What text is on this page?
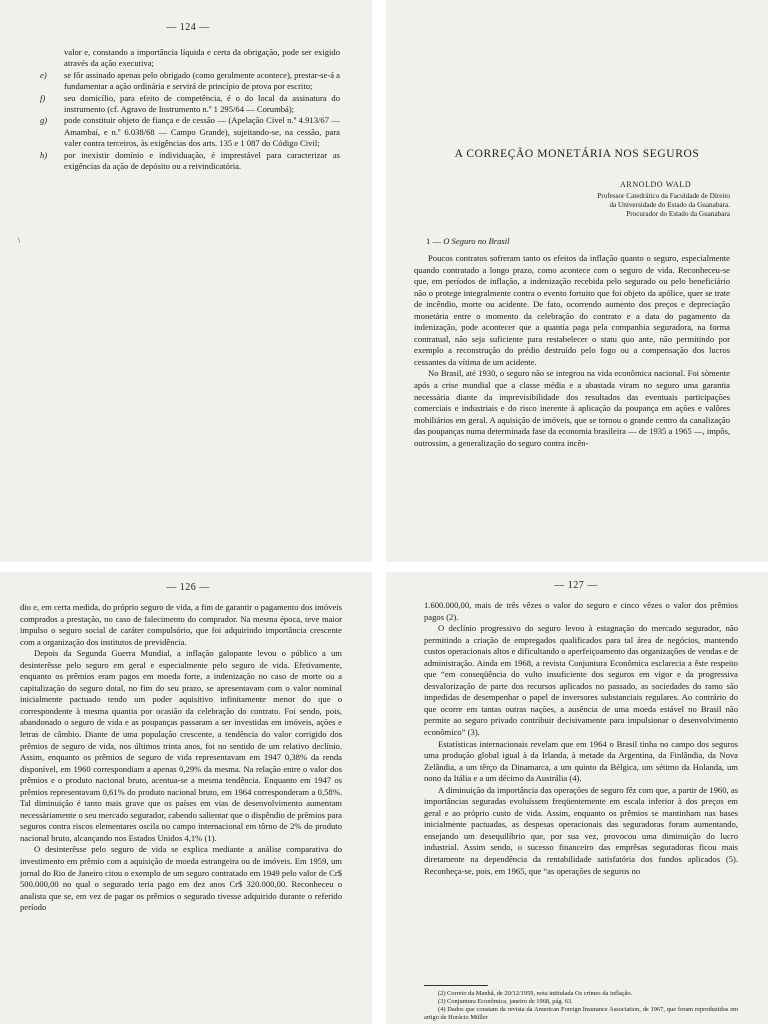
— 124 —
valor e, constando a importância líquida e certa da obrigação, pode ser exigido através da ação executiva;
e)	se fôr assinado apenas pelo obrigado (como geralmente acontece), prestar-se-á a fundamentar a ação ordinária e servirá de princípio de prova por escrito;
f)	seu domicílio, para efeito de competência, é o do local da assinatura do instrumento (cf. Agravo de Instrumento n.º 1 295/64 — Corumbá);
g)	pode constituir objeto de fiança e de cessão — (Apelação Cível n.º 4.913/67 — Amambaí, e n.º 6.038/68 — Campo Grande), sujeitando-se, na cessão, para valer contra terceiros, às exigências dos arts. 135 e 1 087 do Código Civil;
h)	por inexistir domínio e individuação, é imprestável para caracterizar as exigências da ação de depósito ou a reivindicatória.
\
A CORREÇÃO MONETÁRIA NOS SEGUROS
ARNOLDO WALD
Professor Catedrático da Faculdade de Direito
da Universidade do Estado da Guanabara.
Procurador do Estado da Guanabara
1 — O Seguro no Brasil

Poucos contratos sofreram tanto os efeitos da inflação quanto o seguro, especialmente quando contratado a longo prazo, como acontece com o seguro de vida. Reconheceu-se que, em períodos de inflação, a indenização recebida pelo segurado ou pelo beneficiário não o protege integralmente contra o evento fortuito que foi objeto da apólice, quer se trate de incêndio, morte ou acidente. De fato, ocorrendo aumento dos preços e depreciação monetária entre o momento da celebração do contrato e a data do pagamento da indenização, pode acontecer que a quantia paga pela companhia seguradora, na forma contratual, não seja suficiente para restabelecer o statu quo ante, não permitindo por exemplo a reconstrução do prédio destruído pelo fogo ou a compensação dos lucros cessantes da vítima de um acidente.

No Brasil, até 1930, o seguro não se integrou na vida econômica nacional. Foi sòmente após a crise mundial que a classe média e a abastada viram no seguro uma garantia necessária diante da imprevisibilidade dos resultados das eventuais participações comerciais e industriais e do risco inerente à aplicação da poupança em ações e valôres mobiliários em geral. A aquisição de imóveis, que se tornou o grande centro da canalização das poupanças numa determinada fase da economia brasileira — de 1935 a 1965 —, impôs, outrossim, a generalização do seguro contra incên-

— 126 —

dio e, em certa medida, do próprio seguro de vida, a fim de garantir o pagamento dos imóveis comprados a prestação, no caso de falecimento do comprador. Na mesma época, teve maior impulso o seguro social de caráter compulsório, que foi adquirindo importância crescente com a organização dos institutos de previdência.

Depois da Segunda Guerra Mundial, a inflação galopante levou o público a um desinterêsse pelo seguro em geral e especialmente pelo seguro de vida. Efetivamente, enquanto os prêmios eram pagos em moeda forte, a indenização no caso de morte ou a capitalização do seguro dotal, no fim do seu prazo, se apresentavam com o valor nominal inicialmente pactuado tendo um poder aquisitivo infinitamente menor do que o correspondente à mesma quantia por ocasião da celebração do contrato. Foi sendo, pois, abandonado o seguro de vida e as poupanças passaram a ser investidas em imóveis, ações e letras de câmbio. Diante de uma população crescente, a tendência do valor corrigido dos prêmios de seguro de vida, nos últimos trinta anos, foi no sentido de um relativo declínio. Assim, enquanto os prêmios de seguro de vida representavam em 1947 0,38% da renda disponível, em 1960 correspondiam a apenas 0,29% da mesma. Na relação entre o valor dos prêmios e o produto nacional bruto, acentua-se a mesma tendência. Enquanto em 1947 os prêmios representavam 0,61% do produto nacional bruto, em 1964 corresponderam a 0,58%. Tal diminuição é tanto mais grave que os países em vias de desenvolvimento aumentam necessàriamente o seu mercado segurador, cabendo salientar que o dispêndio de prêmios para seguros contra riscos elementares oscila no campo internacional em tôrno de 2% do produto nacional bruto, alcançando nos Estados Unidos 4,1% (1).

O desinterêsse pelo seguro de vida se explica mediante a análise comparativa do investimento em prêmio com a aquisição de moeda estrangeira ou de imóveis. Em 1959, um jornal do Rio de Janeiro citou o exemplo de um seguro contratado em 1949 pelo valor de Cr$ 500.000,00 no qual o segurado teria pago em dez anos Cr$ 320.000,00. Reconheceu o analista que se, em vez de pagar os prêmios o segurado tivesse adquirido durante o referido período

— 127 —

1.600.000,00, mais de três vêzes o valor do seguro e cinco vêzes o valor dos prêmios pagos (2).

O declínio progressivo do seguro levou à estagnação do mercado segurador, não permitindo a criação de empregados qualificados para tal área de negócios, mantendo custos operacionais altos e dificultando o aperfeiçoamento das organizações de vendas e de administração. Ainda em 1968, a revista Conjuntura Econômica esclarecia a êste respeito que “em conseqüência do vulto insuficiente dos seguros em vigor e da progressiva desvalorização de parte dos recursos aplicados no passado, as sociedades do ramo são impedidas de desempenhar o papel de inversores substanciais regulares. Ao contrário do que ocorre em tantas outras nações, a ausência de uma moeda estável no Brasil não permite ao seguro privado contribuir decisivamente para impulsionar o desenvolvimento econômico” (3).

Estatísticas internacionais revelam que em 1964 o Brasil tinha no campo dos seguros uma produção global igual à da Irlanda, à metade da Argentina, da Finlândia, da Nova Zelândia, a um têrço da Dinamarca, a um quinto da Bélgica, um sétimo da Holanda, um nono da Itália e a um décimo da Austrália (4).

A diminuição da importância das operações de seguro fêz com que, a partir de 1960, as importâncias seguradas evoluíssem freqüentemente em escala inferior à dos preços em geral e ao próprio custo de vida. Assim, enquanto os prêmios se mantinham nas bases inicialmente pactuadas, as despesas operacionais das seguradoras foram aumentando, ensejando um desequilíbrio que, por sua vez, provocou uma diminuição do lucro industrial. Assim sendo, o sucesso financeiro das emprêsas seguradoras ficou mais diretamente na dependência da rentabilidade satisfatória dos fundos aplicados (5). Reconheça-se, pois, em 1965, que “as operações de seguros no

(2) Correio da Manhã, de 20/12/1959, nota intitulada Os crimes da inflação.
(3) Conjuntura Econômica, janeiro de 1968, pág. 63.
(4) Dados que constam da revista da American Foreign Insurance Association, de 1967, que foram reproduzidos em artigo de Horácio Müller
